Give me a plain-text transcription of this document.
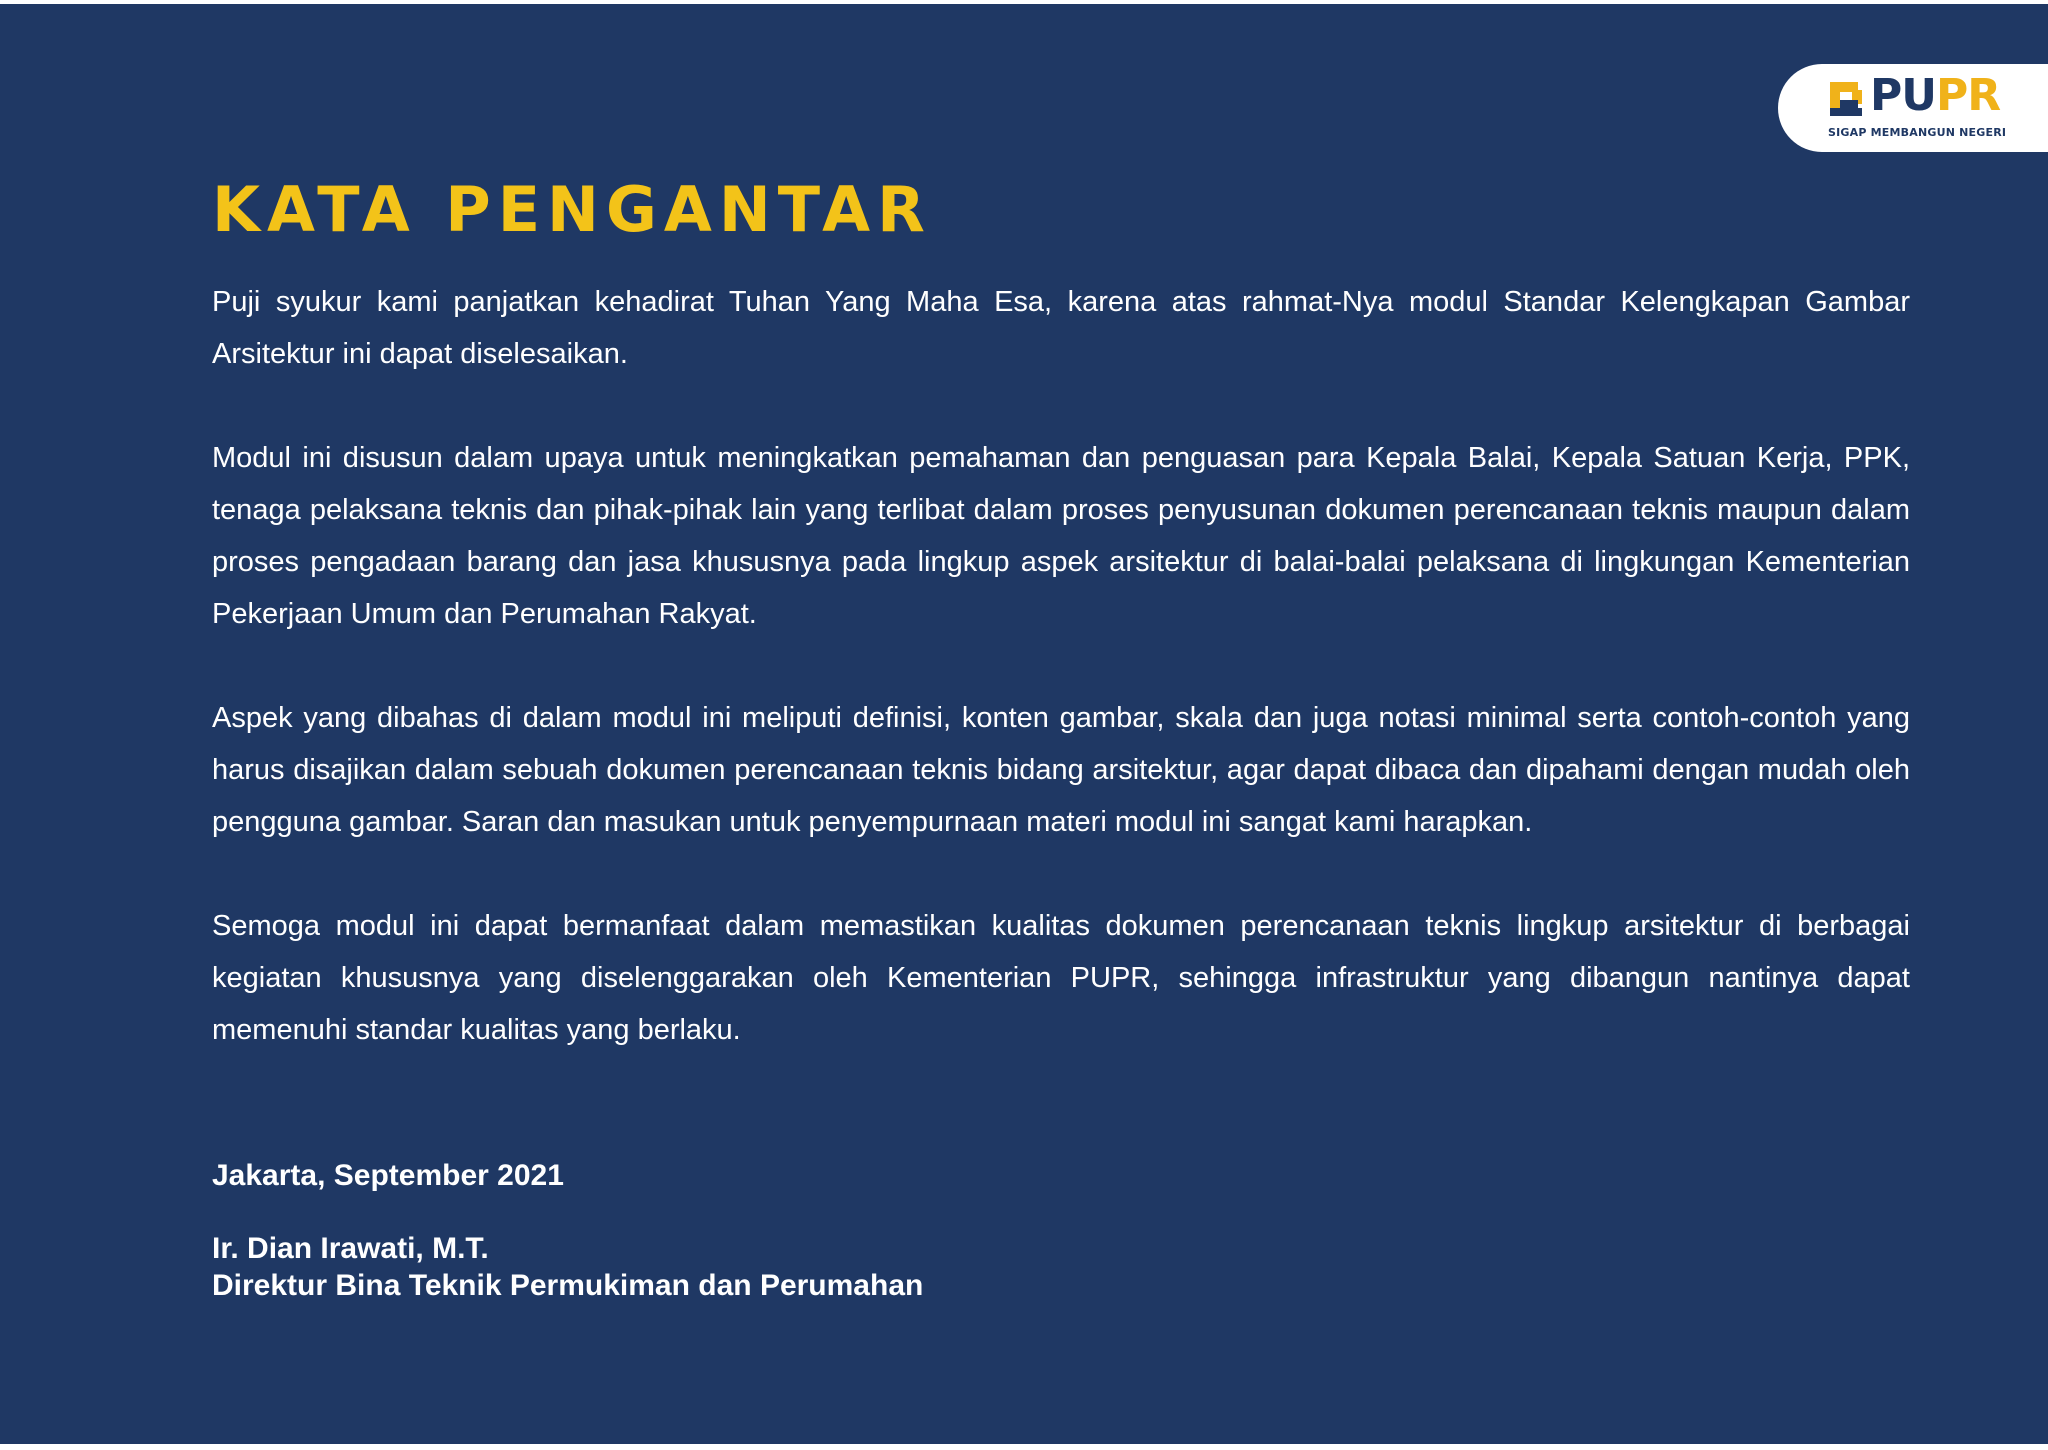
PUPR
SIGAP MEMBANGUN NEGERI
KATA PENGANTAR

Puji syukur kami panjatkan kehadirat Tuhan Yang Maha Esa, karena atas rahmat-Nya modul Standar Kelengkapan Gambar Arsitektur ini dapat diselesaikan.

Modul ini disusun dalam upaya untuk meningkatkan pemahaman dan penguasan para Kepala Balai, Kepala Satuan Kerja, PPK, tenaga pelaksana teknis dan pihak-pihak lain yang terlibat dalam proses penyusunan dokumen perencanaan teknis maupun dalam proses pengadaan barang dan jasa khususnya pada lingkup aspek arsitektur di balai-balai pelaksana di lingkungan Kementerian Pekerjaan Umum dan Perumahan Rakyat.

Aspek yang dibahas di dalam modul ini meliputi definisi, konten gambar, skala dan juga notasi minimal serta contoh-contoh yang harus disajikan dalam sebuah dokumen perencanaan teknis bidang arsitektur, agar dapat dibaca dan dipahami dengan mudah oleh pengguna gambar. Saran dan masukan untuk penyempurnaan materi modul ini sangat kami harapkan.

Semoga modul ini dapat bermanfaat dalam memastikan kualitas dokumen perencanaan teknis lingkup arsitektur di berbagai kegiatan khususnya yang diselenggarakan oleh Kementerian PUPR, sehingga infrastruktur yang dibangun nantinya dapat memenuhi standar kualitas yang berlaku.

Jakarta, September 2021

Ir. Dian Irawati, M.T.

Direktur Bina Teknik Permukiman dan Perumahan
